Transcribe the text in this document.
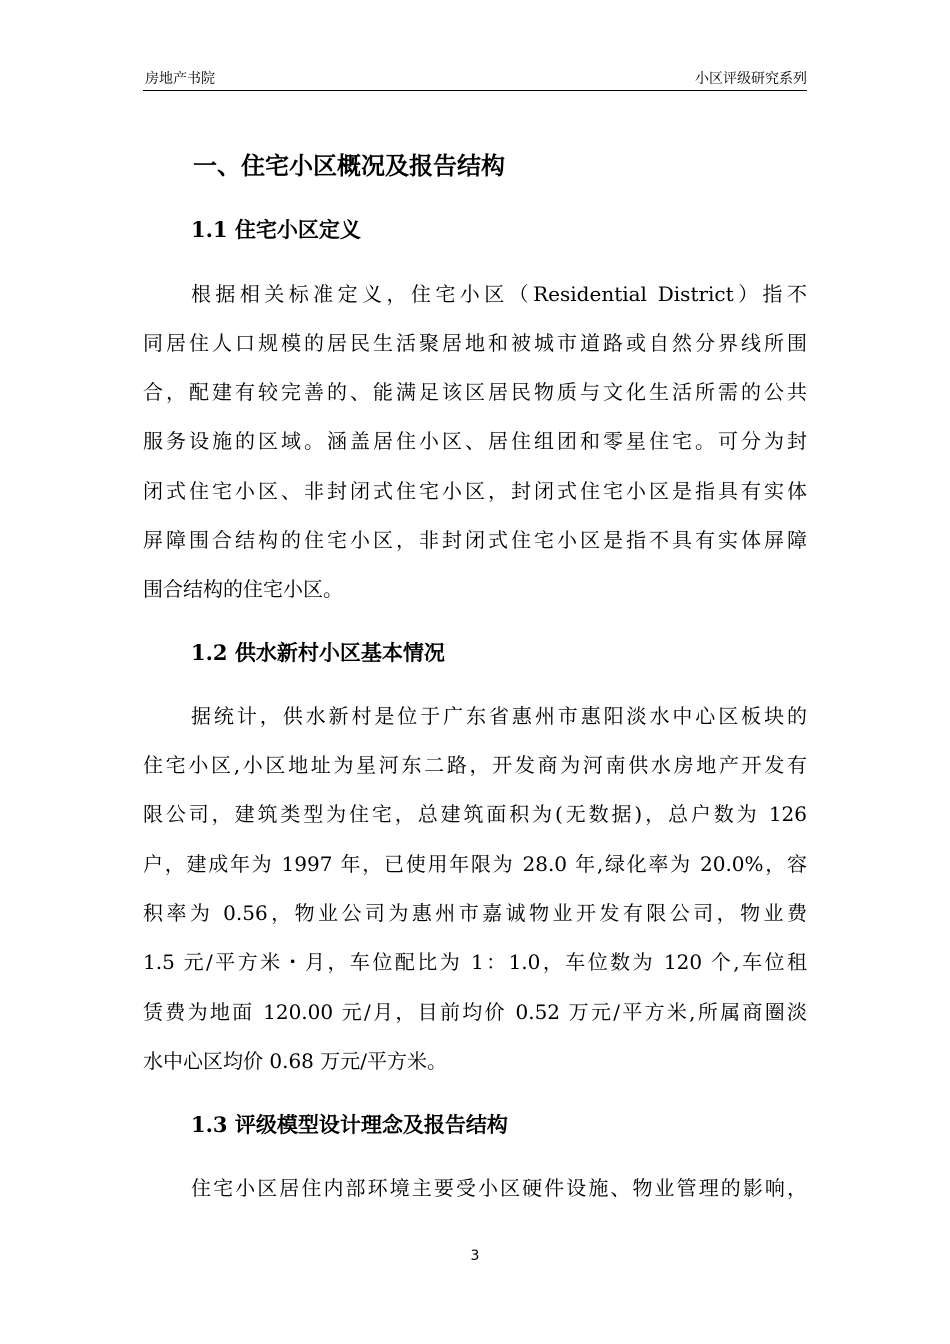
房地产书院	小区评级研究系列
一、住宅小区概况及报告结构
1.1 住宅小区定义
根据相关标准定义，住宅小区（Residential District）指不
同居住人口规模的居民生活聚居地和被城市道路或自然分界线所围
合，配建有较完善的、能满足该区居民物质与文化生活所需的公共
服务设施的区域。涵盖居住小区、居住组团和零星住宅。可分为封
闭式住宅小区、非封闭式住宅小区，封闭式住宅小区是指具有实体
屏障围合结构的住宅小区，非封闭式住宅小区是指不具有实体屏障
围合结构的住宅小区。
1.2 供水新村小区基本情况
据统计，供水新村是位于广东省惠州市惠阳淡水中心区板块的
住宅小区,小区地址为星河东二路，开发商为河南供水房地产开发有
限公司，建筑类型为住宅，总建筑面积为(无数据)，总户数为 126
户，建成年为 1997 年，已使用年限为 28.0 年,绿化率为 20.0%，容
积率为 0.56，物业公司为惠州市嘉诚物业开发有限公司，物业费
1.5 元/平方米・月，车位配比为 1：1.0，车位数为 120 个,车位租
赁费为地面 120.00 元/月，目前均价 0.52 万元/平方米,所属商圈淡
水中心区均价 0.68 万元/平方米。
1.3 评级模型设计理念及报告结构
住宅小区居住内部环境主要受小区硬件设施、物业管理的影响，
3
